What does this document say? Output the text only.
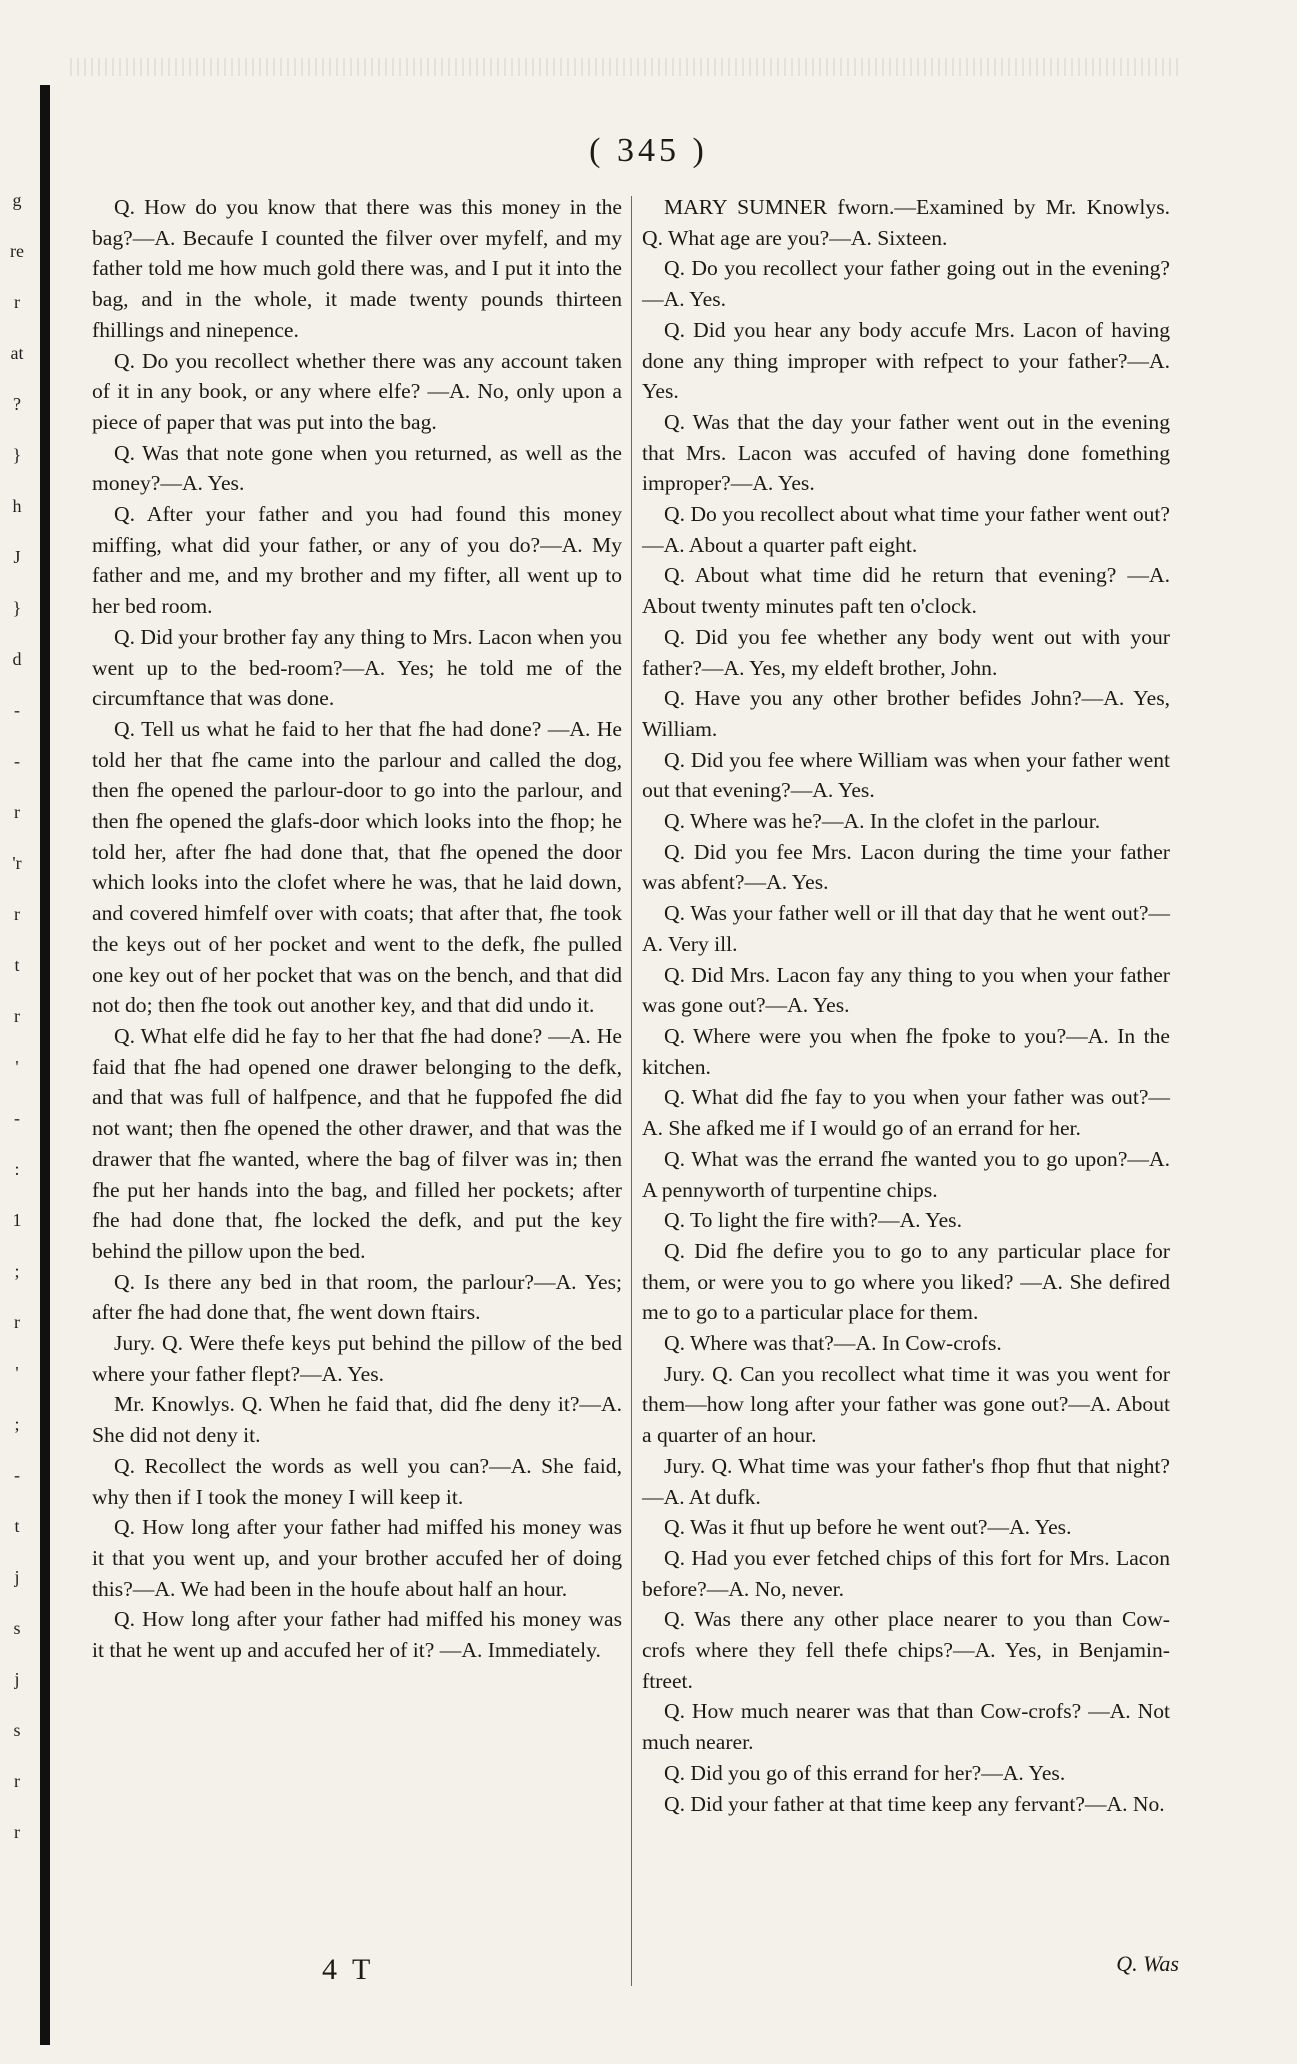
g
re
r
at
?
}
h
J
}
d
-
-
r
'r
r
t
r
'
-
:
1
;
r
'
;
-
t
j
s
j
s
r
r
( 345 )

Q. How do you know that there was this money in the bag?—A. Becaufe I counted the filver over myfelf, and my father told me how much gold there was, and I put it into the bag, and in the whole, it made twenty pounds thirteen fhillings and ninepence.

Q. Do you recollect whether there was any account taken of it in any book, or any where elfe? —A. No, only upon a piece of paper that was put into the bag.

Q. Was that note gone when you returned, as well as the money?—A. Yes.

Q. After your father and you had found this money miffing, what did your father, or any of you do?—A. My father and me, and my brother and my fifter, all went up to her bed room.

Q. Did your brother fay any thing to Mrs. Lacon when you went up to the bed-room?—A. Yes; he told me of the circumftance that was done.

Q. Tell us what he faid to her that fhe had done? —A. He told her that fhe came into the parlour and called the dog, then fhe opened the parlour-door to go into the parlour, and then fhe opened the glafs-door which looks into the fhop; he told her, after fhe had done that, that fhe opened the door which looks into the clofet where he was, that he laid down, and covered himfelf over with coats; that after that, fhe took the keys out of her pocket and went to the defk, fhe pulled one key out of her pocket that was on the bench, and that did not do; then fhe took out another key, and that did undo it.

Q. What elfe did he fay to her that fhe had done? —A. He faid that fhe had opened one drawer belonging to the defk, and that was full of halfpence, and that he fuppofed fhe did not want; then fhe opened the other drawer, and that was the drawer that fhe wanted, where the bag of filver was in; then fhe put her hands into the bag, and filled her pockets; after fhe had done that, fhe locked the defk, and put the key behind the pillow upon the bed.

Q. Is there any bed in that room, the parlour?—A. Yes; after fhe had done that, fhe went down ftairs.

Jury. Q. Were thefe keys put behind the pillow of the bed where your father flept?—A. Yes.

Mr. Knowlys. Q. When he faid that, did fhe deny it?—A. She did not deny it.

Q. Recollect the words as well you can?—A. She faid, why then if I took the money I will keep it.

Q. How long after your father had miffed his money was it that you went up, and your brother accufed her of doing this?—A. We had been in the houfe about half an hour.

Q. How long after your father had miffed his money was it that he went up and accufed her of it? —A. Immediately.

MARY SUMNER fworn.—Examined by Mr. Knowlys. Q. What age are you?—A. Sixteen.

Q. Do you recollect your father going out in the evening?—A. Yes.

Q. Did you hear any body accufe Mrs. Lacon of having done any thing improper with refpect to your father?—A. Yes.

Q. Was that the day your father went out in the evening that Mrs. Lacon was accufed of having done fomething improper?—A. Yes.

Q. Do you recollect about what time your father went out?—A. About a quarter paft eight.

Q. About what time did he return that evening? —A. About twenty minutes paft ten o'clock.

Q. Did you fee whether any body went out with your father?—A. Yes, my eldeft brother, John.

Q. Have you any other brother befides John?—A. Yes, William.

Q. Did you fee where William was when your father went out that evening?—A. Yes.

Q. Where was he?—A. In the clofet in the parlour.

Q. Did you fee Mrs. Lacon during the time your father was abfent?—A. Yes.

Q. Was your father well or ill that day that he went out?—A. Very ill.

Q. Did Mrs. Lacon fay any thing to you when your father was gone out?—A. Yes.

Q. Where were you when fhe fpoke to you?—A. In the kitchen.

Q. What did fhe fay to you when your father was out?—A. She afked me if I would go of an errand for her.

Q. What was the errand fhe wanted you to go upon?—A. A pennyworth of turpentine chips.

Q. To light the fire with?—A. Yes.

Q. Did fhe defire you to go to any particular place for them, or were you to go where you liked? —A. She defired me to go to a particular place for them.

Q. Where was that?—A. In Cow-crofs.

Jury. Q. Can you recollect what time it was you went for them—how long after your father was gone out?—A. About a quarter of an hour.

Jury. Q. What time was your father's fhop fhut that night?—A. At dufk.

Q. Was it fhut up before he went out?—A. Yes.

Q. Had you ever fetched chips of this fort for Mrs. Lacon before?—A. No, never.

Q. Was there any other place nearer to you than Cow-crofs where they fell thefe chips?—A. Yes, in Benjamin-ftreet.

Q. How much nearer was that than Cow-crofs? —A. Not much nearer.

Q. Did you go of this errand for her?—A. Yes.

Q. Did your father at that time keep any fervant?—A. No.

4 T	Q. Was
